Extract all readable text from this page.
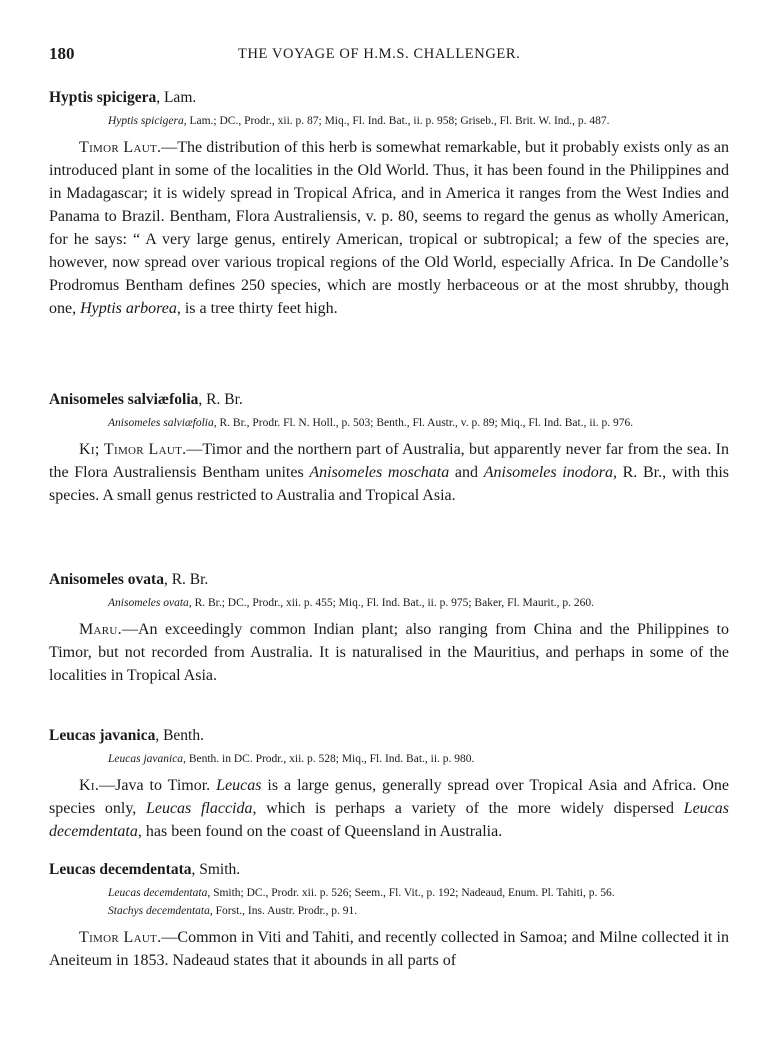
180	THE VOYAGE OF H.M.S. CHALLENGER.

Hyptis spicigera, Lam.

Hyptis spicigera, Lam.; DC., Prodr., xii. p. 87; Miq., Fl. Ind. Bat., ii. p. 958; Griseb., Fl. Brit. W. Ind., p. 487.

Timor Laut.—The distribution of this herb is somewhat remarkable, but it probably exists only as an introduced plant in some of the localities in the Old World. Thus, it has been found in the Philippines and in Madagascar; it is widely spread in Tropical Africa, and in America it ranges from the West Indies and Panama to Brazil. Bentham, Flora Australiensis, v. p. 80, seems to regard the genus as wholly American, for he says: “ A very large genus, entirely American, tropical or subtropical; a few of the species are, however, now spread over various tropical regions of the Old World, especially Africa. In De Candolle’s Prodromus Bentham defines 250 species, which are mostly herbaceous or at the most shrubby, though one, Hyptis arborea, is a tree thirty feet high.

Anisomeles salviæfolia, R. Br.

Anisomeles salviæfolia, R. Br., Prodr. Fl. N. Holl., p. 503; Benth., Fl. Austr., v. p. 89; Miq., Fl. Ind. Bat., ii. p. 976.

Ki; Timor Laut.—Timor and the northern part of Australia, but apparently never far from the sea. In the Flora Australiensis Bentham unites Anisomeles moschata and Anisomeles inodora, R. Br., with this species. A small genus restricted to Australia and Tropical Asia.

Anisomeles ovata, R. Br.

Anisomeles ovata, R. Br.; DC., Prodr., xii. p. 455; Miq., Fl. Ind. Bat., ii. p. 975; Baker, Fl. Maurit., p. 260.

Maru.—An exceedingly common Indian plant; also ranging from China and the Philippines to Timor, but not recorded from Australia. It is naturalised in the Mauritius, and perhaps in some of the localities in Tropical Asia.

Leucas javanica, Benth.

Leucas javanica, Benth. in DC. Prodr., xii. p. 528; Miq., Fl. Ind. Bat., ii. p. 980.

Ki.—Java to Timor. Leucas is a large genus, generally spread over Tropical Asia and Africa. One species only, Leucas flaccida, which is perhaps a variety of the more widely dispersed Leucas decemdentata, has been found on the coast of Queensland in Australia.

Leucas decemdentata, Smith.

Leucas decemdentata, Smith; DC., Prodr. xii. p. 526; Seem., Fl. Vit., p. 192; Nadeaud, Enum. Pl. Tahiti, p. 56.

Stachys decemdentata, Forst., Ins. Austr. Prodr., p. 91.

Timor Laut.—Common in Viti and Tahiti, and recently collected in Samoa; and Milne collected it in Aneiteum in 1853. Nadeaud states that it abounds in all parts of
